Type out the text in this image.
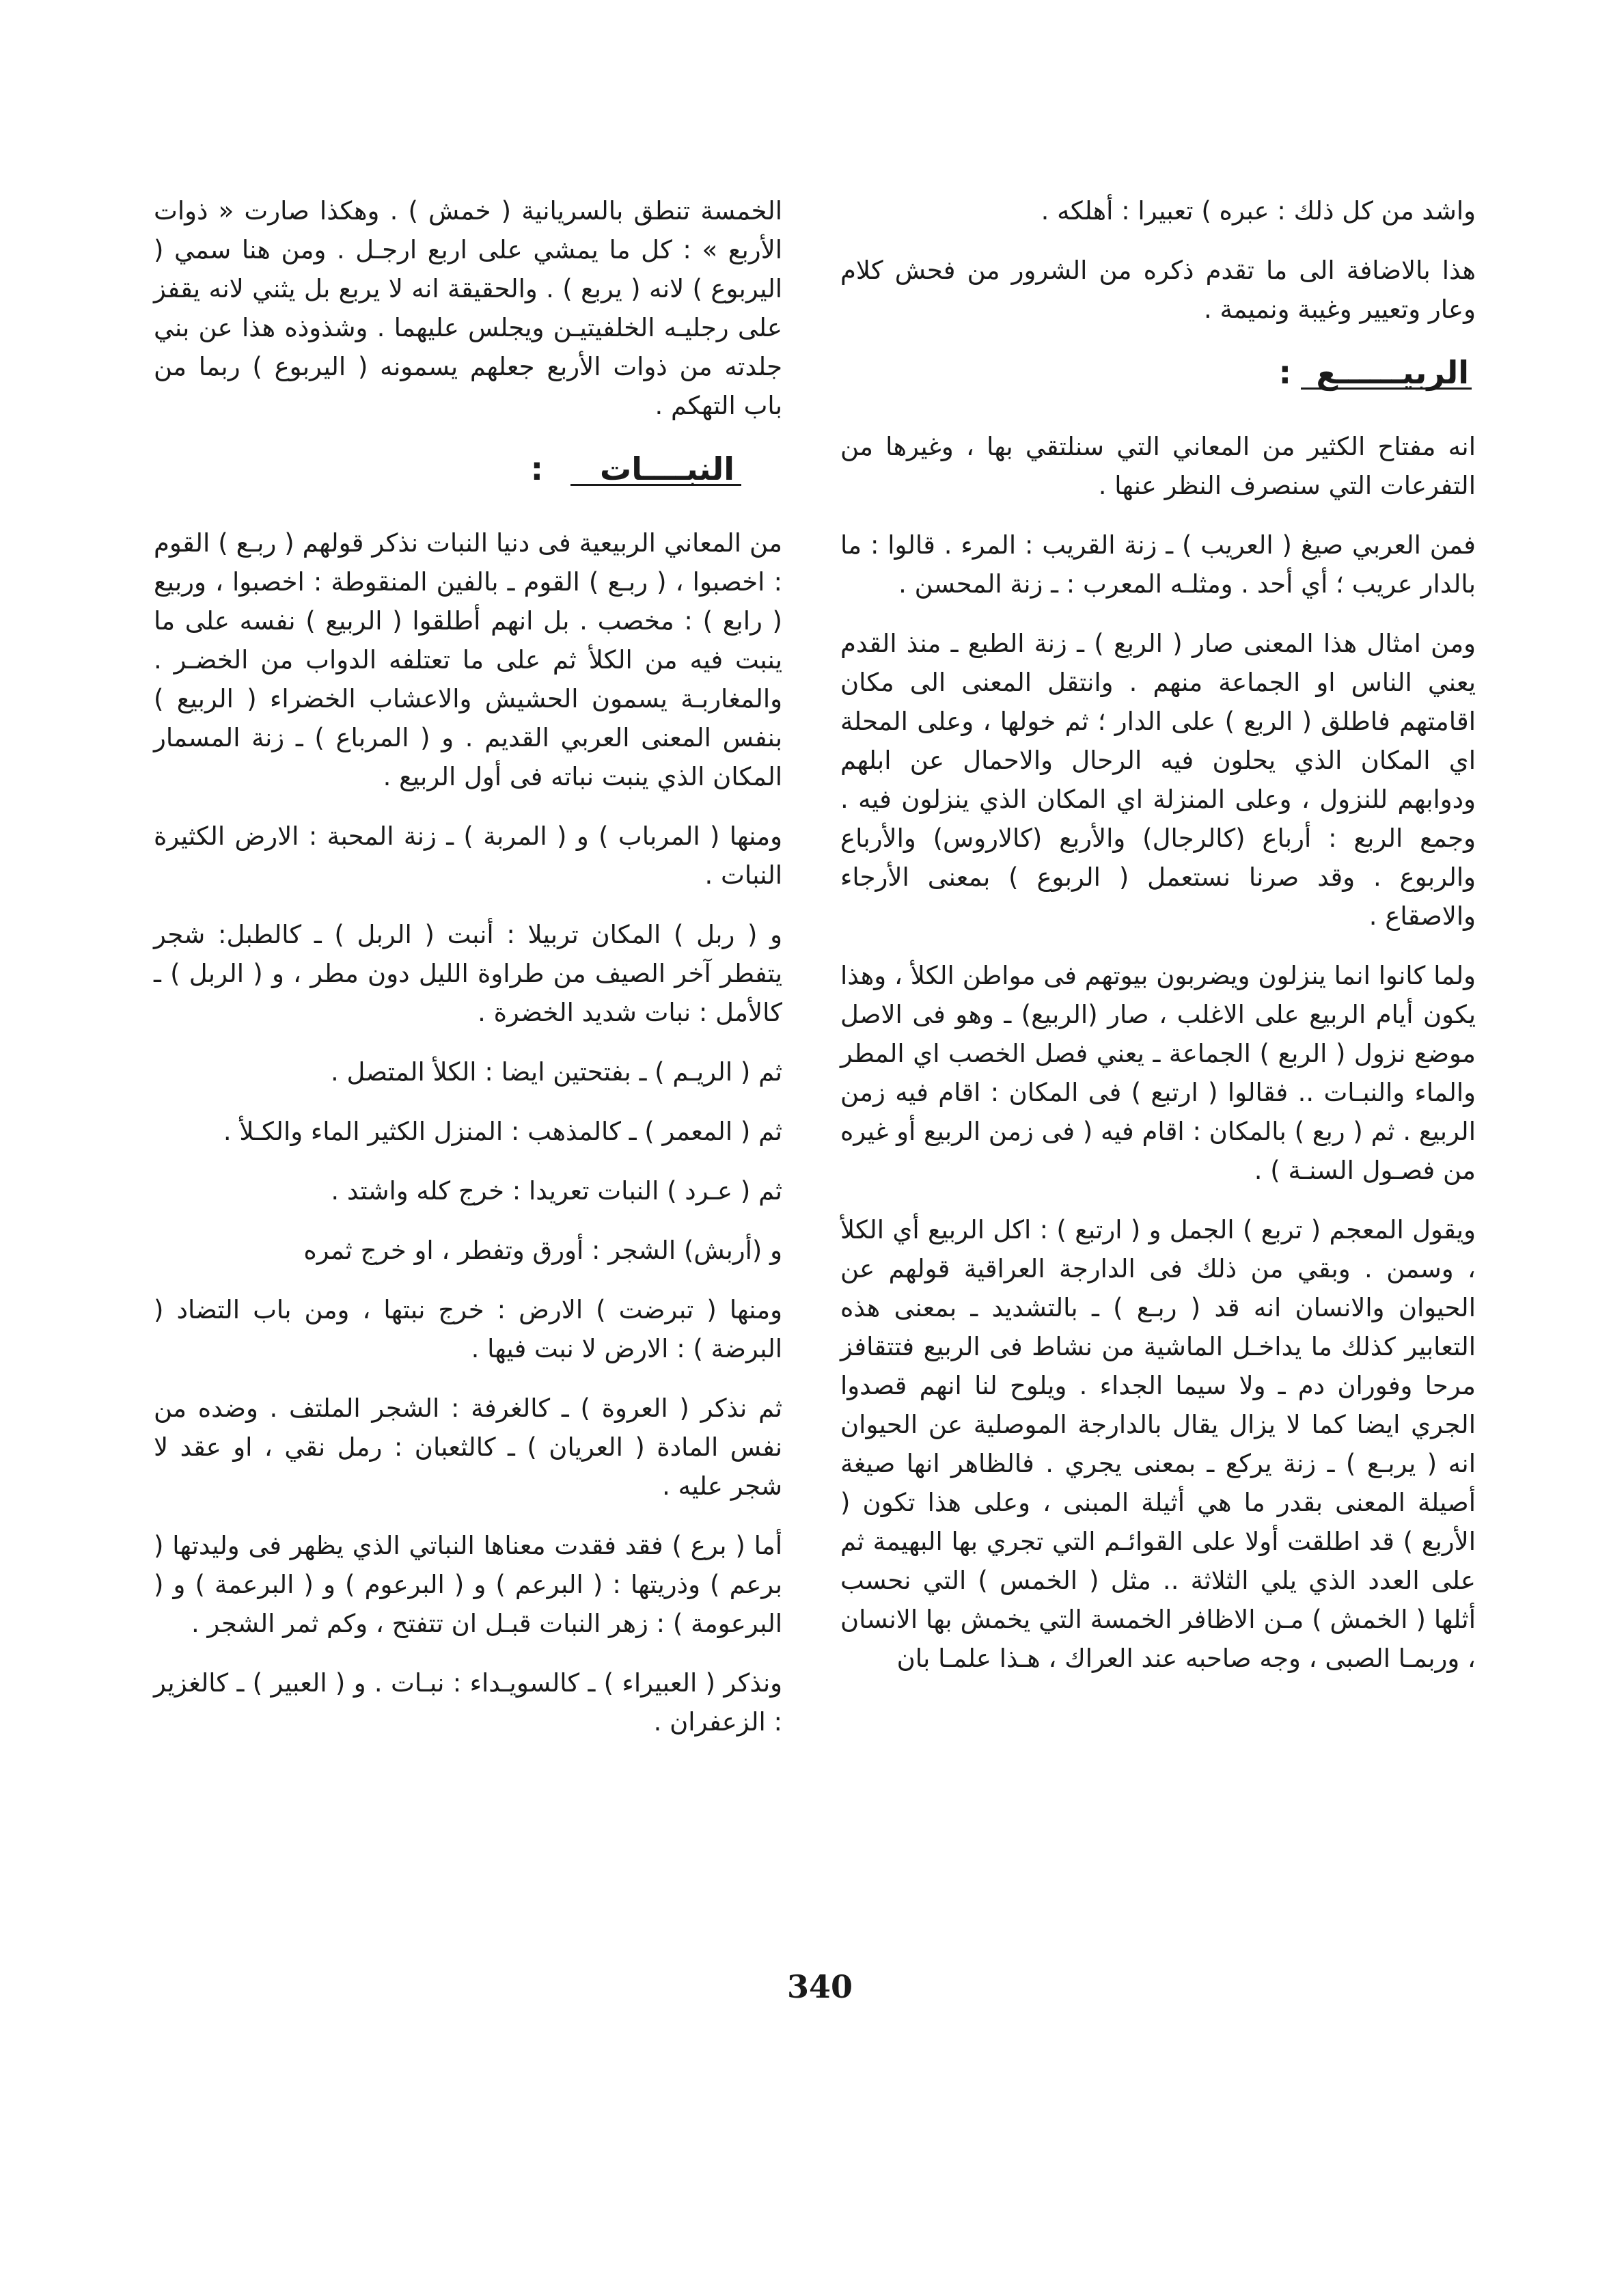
واشد من كل ذلك : عبره ) تعبيرا : أهلكه .

هذا بالاضافة الى ما تقدم ذكره من الشرور من فحش كلام وعار وتعيير وغيبة ونميمة .

الربيــــــع
:

انه مفتاح الكثير من المعاني التي سنلتقي بها ، وغيرها من التفرعات التي سنصرف النظر عنها .

فمن العربي صيغ ( العريب ) ـ زنة القريب : المرء . قالوا : ما بالدار عريب ؛ أي أحد . ومثلـه المعرب : ـ زنة المحسن .

ومن امثال هذا المعنى صار ( الربع ) ـ زنة الطبع ـ منذ القدم يعني الناس او الجماعة منهم . وانتقل المعنى الى مكان اقامتهم فاطلق ( الربع ) على الدار ؛ ثم خولها ، وعلى المحلة اي المكان الذي يحلون فيه الرحال والاحمال عن ابلهم ودوابهم للنزول ، وعلى المنزلة اي المكان الذي ينزلون فيه . وجمع الربع : أرباع (كالرجال) والأربع (كالاروس) والأرباع والربوع . وقد صرنا نستعمل ( الربوع ) بمعنى الأرجاء والاصقاع .

ولما كانوا انما ينزلون ويضربون بيوتهم فى مواطن الكلأ ، وهذا يكون أيام الربيع على الاغلب ، صار (الربيع) ـ وهو فى الاصل موضع نزول ( الربع ) الجماعة ـ يعني فصل الخصب اي المطر والماء والنبـات .. فقالوا ( ارتبع ) فى المكان : اقام فيه زمن الربيع . ثم ( ربع ) بالمكان : اقام فيه ( فى زمن الربيع أو غيره من فصـول السنـة ) .

ويقول المعجم ( تربع ) الجمل و ( ارتبع ) : اكل الربيع أي الكلأ ، وسمن . وبقي من ذلك فى الدارجة العراقية قولهم عن الحيوان والانسان انه قد ( ربـع ) ـ بالتشديد ـ بمعنى هذه التعابير كذلك ما يداخـل الماشية من نشاط فى الربيع فتتقافز مرحا وفوران دم ـ ولا سيما الجداء . ويلوح لنا انهم قصدوا الجري ايضا كما لا يزال يقال بالدارجة الموصلية عن الحيوان انه ( يربـع ) ـ زنة يركع ـ بمعنى يجري . فالظاهر انها صيغة أصيلة المعنى بقدر ما هي أثيلة المبنى ، وعلى هذا تكون ( الأربع ) قد اطلقت أولا على القوائـم التي تجري بها البهيمة ثم على العدد الذي يلي الثلاثة .. مثل ( الخمس ) التي نحسب أثلها ( الخمش ) مـن الاظافر الخمسة التي يخمش بها الانسان ، وربمـا الصبى ، وجه صاحبه عند العراك ، هـذا علمـا بان

الخمسة تنطق بالسريانية ( خمش ) . وهكذا صارت « ذوات الأربع » : كل ما يمشي على اربع ارجـل . ومن هنا سمي ( اليربوع ) لانه ( يربع ) . والحقيقة انه لا يربع بل يثني لانه يقفز على رجليـه الخلفيتيـن ويجلس عليهما . وشذوذه هذا عن بني جلدته من ذوات الأربع جعلهم يسمونه ( اليربوع ) ربما من باب التهكم .

النبــــات
:

من المعاني الربيعية فى دنيا النبات نذكر قولهم ( ربـع ) القوم : اخصبوا ، ( ربـع ) القوم ـ بالفين المنقوطة : اخصبوا ، وربيع ( رابع ) : مخصب . بل انهم أطلقوا ( الربيع ) نفسه على ما ينبت فيه من الكلأ ثم على ما تعتلفه الدواب من الخضـر . والمغاربـة يسمون الحشيش والاعشاب الخضراء ( الربيع ) بنفس المعنى العربي القديم . و ( المرباع ) ـ زنة المسمار المكان الذي ينبت نباته فى أول الربيع .

ومنها ( المرباب ) و ( المربة ) ـ زنة المحبة : الارض الكثيرة النبات .

و ( ربل ) المكان تربيلا : أنبت ( الربل ) ـ كالطبل: شجر يتفطر آخر الصيف من طراوة الليل دون مطر ، و ( الربل ) ـ كالأمل : نبات شديد الخضرة .

ثم ( الريـم ) ـ بفتحتين ايضا : الكلأ المتصل .

ثم ( المعمر ) ـ كالمذهب : المنزل الكثير الماء والكـلأ .

ثم ( عـرد ) النبات تعريدا : خرج كله واشتد .

و (أربش) الشجر : أورق وتفطر ، او خرج ثمره

ومنها ( تبرضت ) الارض : خرج نبتها ، ومن باب التضاد ( البرضة ) : الارض لا نبت فيها .

ثم نذكر ( العروة ) ـ كالغرفة : الشجر الملتف . وضده من نفس المادة ( العريان ) ـ كالثعبان : رمل نقي ، او عقد لا شجر عليه .

أما ( برع ) فقد فقدت معناها النباتي الذي يظهر فى وليدتها ( برعم ) وذريتها : ( البرعم ) و ( البرعوم ) و ( البرعمة ) و ( البرعومة ) : زهر النبات قبـل ان تتفتح ، وكم ثمر الشجر .

ونذكر ( العبيراء ) ـ كالسويـداء : نبـات . و ( العبير ) ـ كالغزير : الزعفران .

340
